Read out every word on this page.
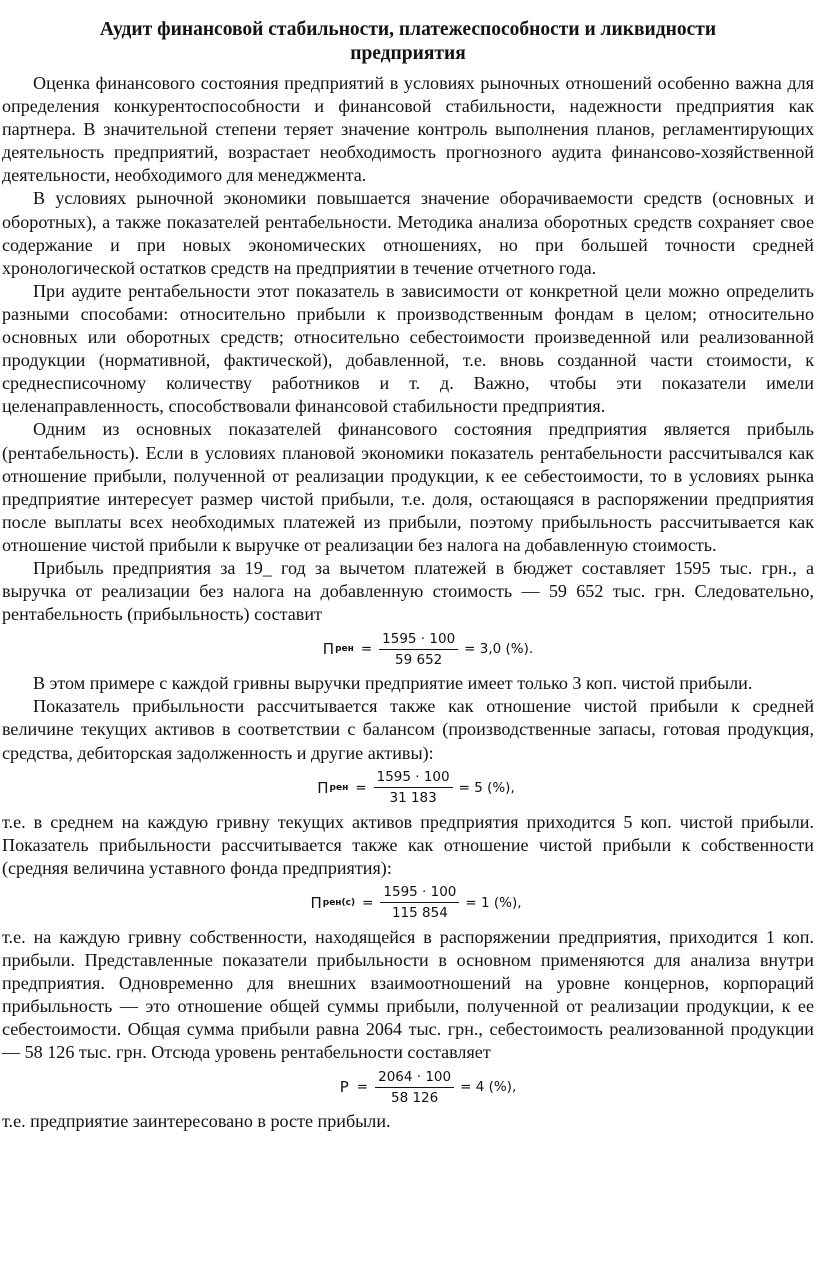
Аудит финансовой стабильности, платежеспособности и ликвидности
предприятия

Оценка финансового состояния предприятий в условиях рыночных отношений особенно важна для определения конкурентоспособности и финансовой стабильности, надежности предприятия как партнера. В значительной степени теряет значение контроль выполнения планов, регламентирующих деятельность предприятий, возрастает необходимость прогнозного аудита финансово-хозяйственной деятельности, необходимого для менеджмента.

В условиях рыночной экономики повышается значение оборачиваемости средств (основных и оборотных), а также показателей рентабельности. Методика анализа оборотных средств сохраняет свое содержание и при новых экономических отношениях, но при большей точности средней хронологической остатков средств на предприятии в течение отчетного года.

При аудите рентабельности этот показатель в зависимости от конкретной цели можно определить разными способами: относительно прибыли к производственным фондам в целом; относительно основных или оборотных средств; относительно себестоимости произведенной или реализованной продукции (нормативной, фактической), добавленной, т.е. вновь созданной части стоимости, к среднесписочному количеству работников и т. д. Важно, чтобы эти показатели имели целенаправленность, способствовали финансовой стабильности предприятия.

Одним из основных показателей финансового состояния предприятия является прибыль (рентабельность). Если в условиях плановой экономики показатель рентабельности рассчитывался как отношение прибыли, полученной от реализации продукции, к ее себестоимости, то в условиях рынка предприятие интересует размер чистой прибыли, т.е. доля, остающаяся в распоряжении предприятия после выплаты всех необходимых платежей из прибыли, поэтому прибыльность рассчитывается как отношение чистой прибыли к выручке от реализации без налога на добавленную стоимость.

Прибыль предприятия за 19_ год за вычетом платежей в бюджет составляет 1595 тыс. грн., а выручка от реализации без налога на добавленную стоимость — 59 652 тыс. грн. Следовательно, рентабельность (прибыльность) составит

П рен = $\frac{1595 \cdot 100}{59 652} = 3,0$ (%).

В этом примере с каждой гривны выручки предприятие имеет только 3 коп. чистой прибыли.

Показатель прибыльности рассчитывается также как отношение чистой прибыли к средней величине текущих активов в соответствии с балансом (производственные запасы, готовая продукция, средства, дебиторская задолженность и другие активы):

П рен = $\frac{1595 \cdot 100}{31 183} = 5$ (%),

т.е. в среднем на каждую гривну текущих активов предприятия приходится 5 коп. чистой прибыли. Показатель прибыльности рассчитывается также как отношение чистой прибыли к собственности (средняя величина уставного фонда предприятия):

П $рен(с) = \frac{1595 \cdot 100}{115 854} = 1$ (%),

т.е. на каждую гривну собственности, находящейся в распоряжении предприятия, приходится 1 коп. прибыли. Представленные показатели прибыльности в основном применяются для анализа внутри предприятия. Одновременно для внешних взаимоотношений на уровне концернов, корпораций прибыльность — это отношение общей суммы прибыли, полученной от реализации продукции, к ее себестоимости. Общая сумма прибыли равна 2064 тыс. грн., себестоимость реализованной продукции — 58 126 тыс. грн. Отсюда уровень рентабельности составляет

$Р = \frac{2064 \cdot 100}{58 126} = 4$ (%),

т.е. предприятие заинтересовано в росте прибыли.
